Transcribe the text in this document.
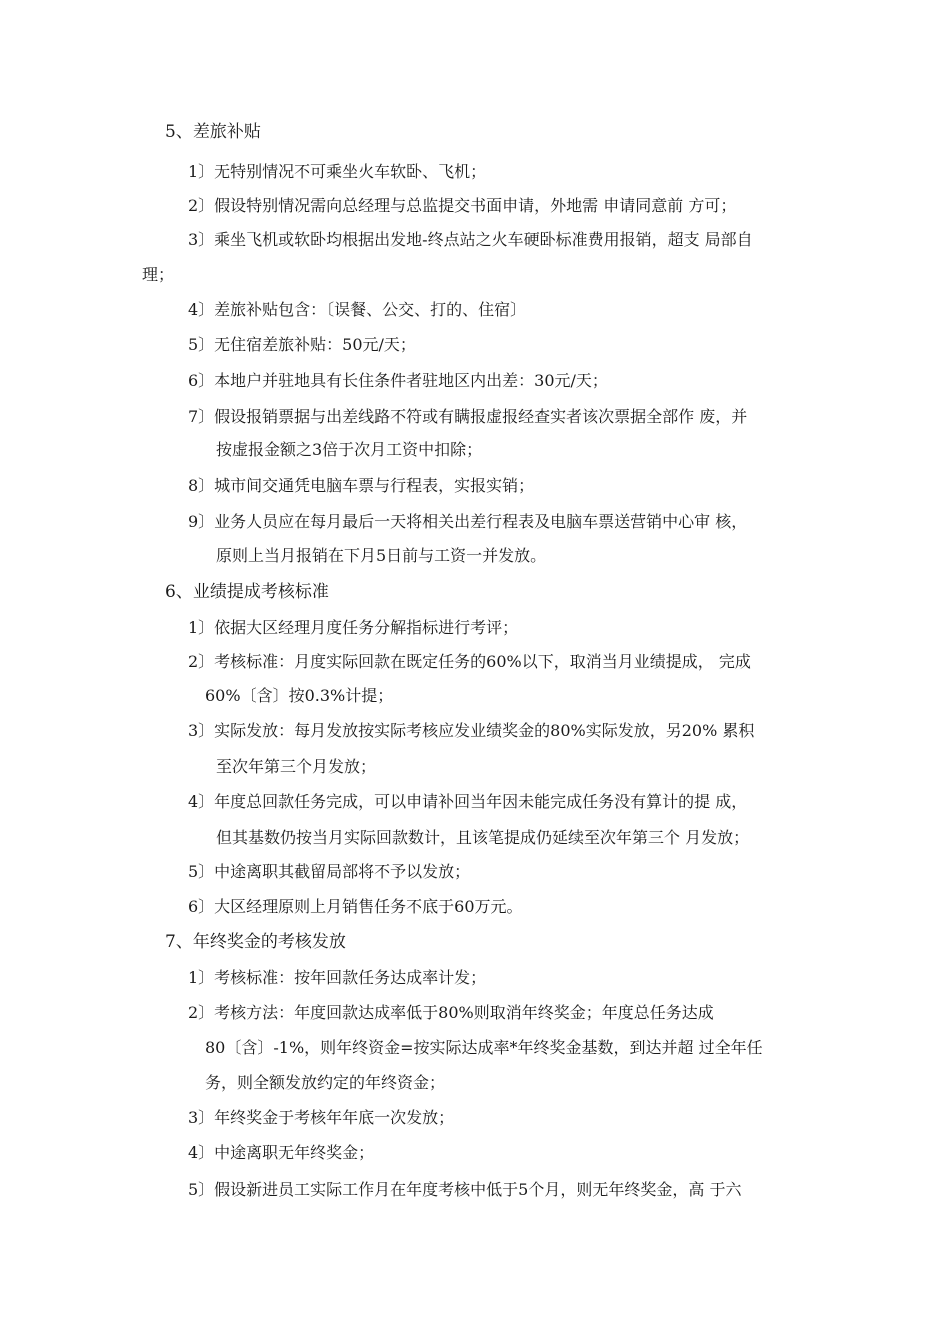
5、差旅补贴
1〕无特别情况不可乘坐火车软卧、飞机；
2〕假设特别情况需向总经理与总监提交书面申请，外地需 申请同意前 方可；
3〕乘坐飞机或软卧均根据出发地-终点站之火车硬卧标准费用报销，超支 局部自
理；
4〕差旅补贴包含：〔误餐、公交、打的、住宿〕
5〕无住宿差旅补贴：50元/天；
6〕本地户并驻地具有长住条件者驻地区内出差：30元/天；
7〕假设报销票据与出差线路不符或有瞒报虚报经查实者该次票据全部作 废，并
按虚报金额之3倍于次月工资中扣除；
8〕城市间交通凭电脑车票与行程表，实报实销；
9〕业务人员应在每月最后一天将相关出差行程表及电脑车票送营销中心审 核，
原则上当月报销在下月5日前与工资一并发放。
6、业绩提成考核标准
1〕依据大区经理月度任务分解指标进行考评；
2〕考核标准：月度实际回款在既定任务的60%以下，取消当月业绩提成， 完成
60%〔含〕按0.3%计提；
3〕实际发放：每月发放按实际考核应发业绩奖金的80%实际发放，另20% 累积
至次年第三个月发放；
4〕年度总回款任务完成，可以申请补回当年因未能完成任务没有算计的提 成，
但其基数仍按当月实际回款数计，且该笔提成仍延续至次年第三个 月发放；
5〕中途离职其截留局部将不予以发放；
6〕大区经理原则上月销售任务不底于60万元。
7、年终奖金的考核发放
1〕考核标准：按年回款任务达成率计发；
2〕考核方法：年度回款达成率低于80%则取消年终奖金；年度总任务达成
80〔含〕-1%，则年终资金=按实际达成率*年终奖金基数，到达并超 过全年任
务，则全额发放约定的年终资金；
3〕年终奖金于考核年年底一次发放；
4〕中途离职无年终奖金；
5〕假设新进员工实际工作月在年度考核中低于5个月，则无年终奖金，高 于六
